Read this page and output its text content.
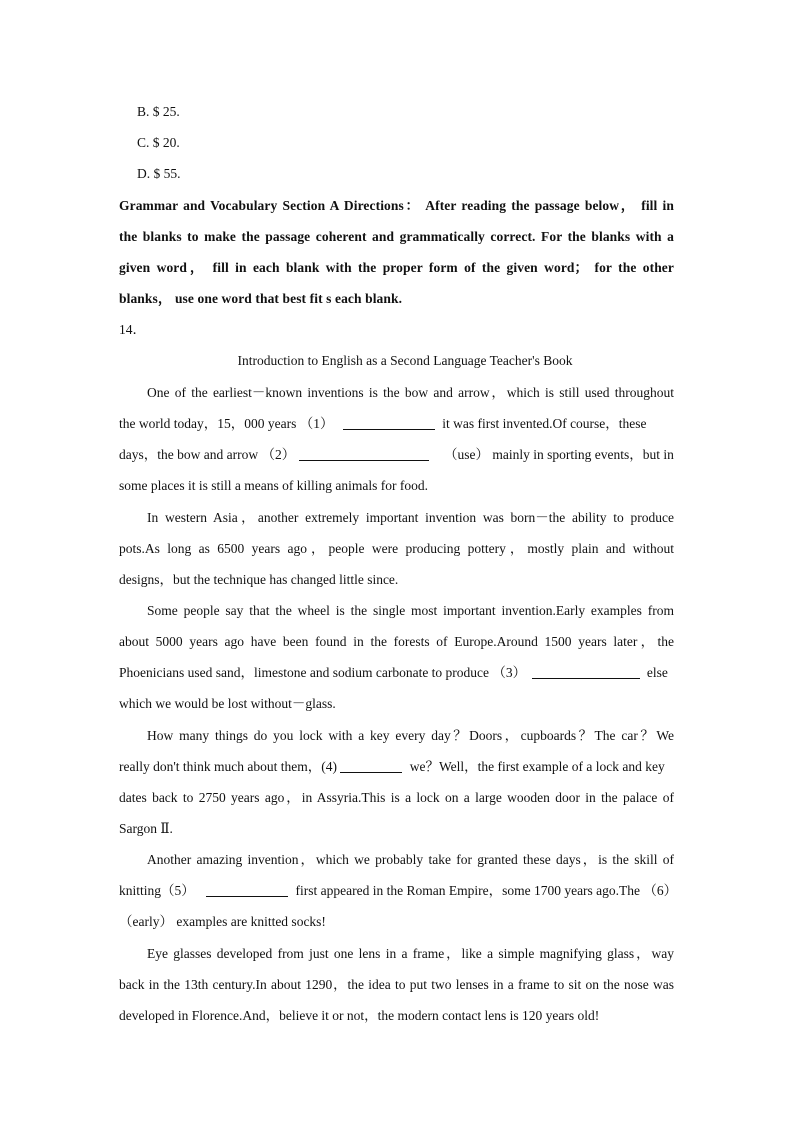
B. $ 25.
C. $ 20.
D. $ 55.
Grammar and Vocabulary Section A Directions： After reading the passage below， fill in
the blanks to make the passage coherent and grammatically correct. For the blanks with a
given word， fill in each blank with the proper form of the given word； for the other
blanks， use one word that best fit s each blank.
14．
Introduction to English as a Second Language Teacher's Book
One of the earliest－known inventions is the bow and arrow，which is still used throughout
the world today，15，000 years （1）	it was first invented.Of course，these
days，the bow and arrow （2）	（use） mainly in sporting events，but in
some places it is still a means of killing animals for food.
In western Asia，another extremely important invention was born－the ability to produce
pots.As long as 6500 years ago，people were producing pottery，mostly plain and without
designs，but the technique has changed little since.
Some people say that the wheel is the single most important invention.Early examples from
about 5000 years ago have been found in the forests of Europe.Around 1500 years later，the
Phoenicians used sand，limestone and sodium carbonate to produce （3）	else
which we would be lost without－glass.
How many things do you lock with a key every day？Doors，cupboards？The car？We
really don't think much about them，(4)	we？Well，the first example of a lock and key
dates back to 2750 years ago，in Assyria.This is a lock on a large wooden door in the palace of
Sargon Ⅱ.
Another amazing invention，which we probably take for granted these days，is the skill of
knitting（5）	first appeared in the Roman Empire，some 1700 years ago.The （6）
（early） examples are knitted socks!
Eye glasses developed from just one lens in a frame，like a simple magnifying glass，way
back in the 13th century.In about 1290，the idea to put two lenses in a frame to sit on the nose was
developed in Florence.And，believe it or not，the modern contact lens is 120 years old!
